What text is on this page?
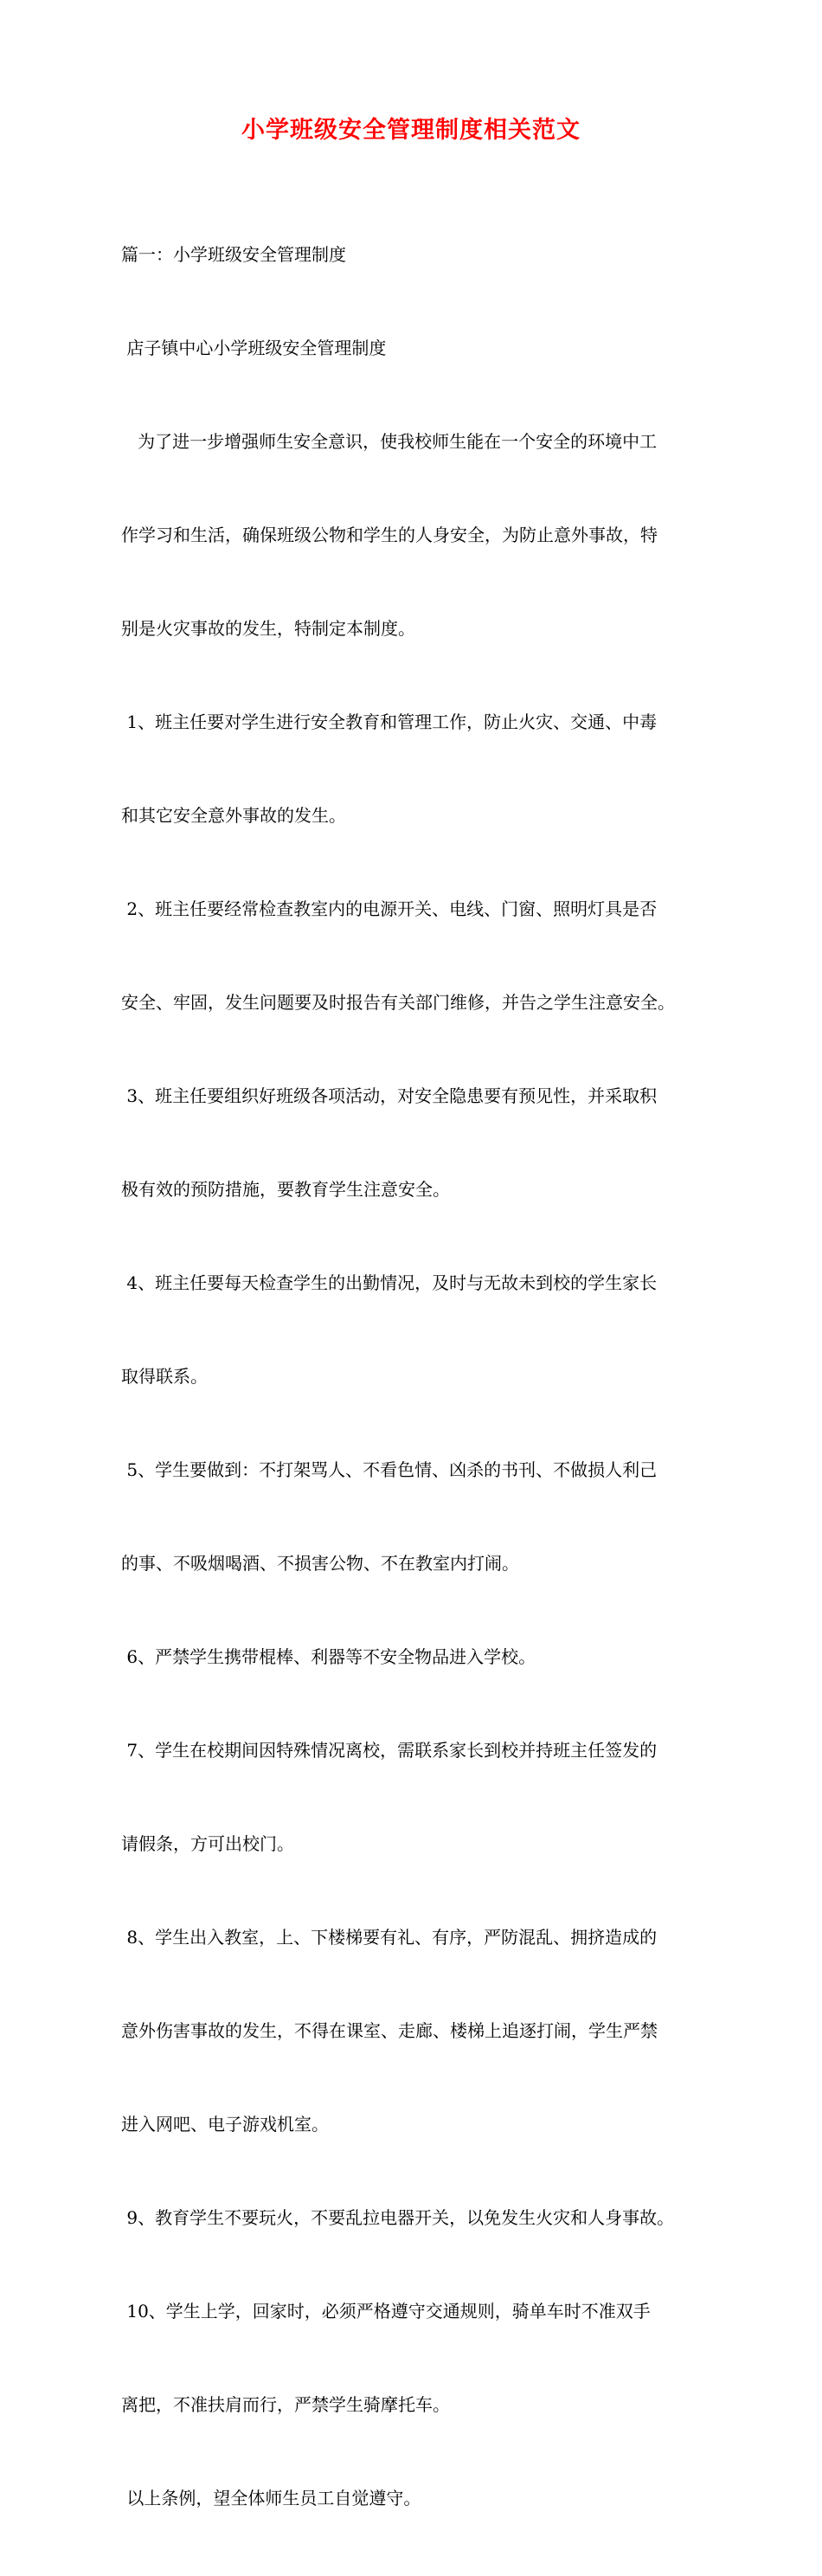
小学班级安全管理制度相关范文

篇一：小学班级安全管理制度

店子镇中心小学班级安全管理制度

为了进一步增强师生安全意识，使我校师生能在一个安全的环境中工

作学习和生活，确保班级公物和学生的人身安全，为防止意外事故，特

别是火灾事故的发生，特制定本制度。

1、班主任要对学生进行安全教育和管理工作，防止火灾、交通、中毒

和其它安全意外事故的发生。

2、班主任要经常检查教室内的电源开关、电线、门窗、照明灯具是否

安全、牢固，发生问题要及时报告有关部门维修，并告之学生注意安全。

3、班主任要组织好班级各项活动，对安全隐患要有预见性，并采取积

极有效的预防措施，要教育学生注意安全。

4、班主任要每天检查学生的出勤情况，及时与无故未到校的学生家长

取得联系。

5、学生要做到：不打架骂人、不看色情、凶杀的书刊、不做损人利己

的事、不吸烟喝酒、不损害公物、不在教室内打闹。

6、严禁学生携带棍棒、利器等不安全物品进入学校。

7、学生在校期间因特殊情况离校，需联系家长到校并持班主任签发的

请假条，方可出校门。

8、学生出入教室，上、下楼梯要有礼、有序，严防混乱、拥挤造成的

意外伤害事故的发生，不得在课室、走廊、楼梯上追逐打闹，学生严禁

进入网吧、电子游戏机室。

9、教育学生不要玩火，不要乱拉电器开关，以免发生火灾和人身事故。

10、学生上学，回家时，必须严格遵守交通规则，骑单车时不准双手

离把，不准扶肩而行，严禁学生骑摩托车。

以上条例，望全体师生员工自觉遵守。
